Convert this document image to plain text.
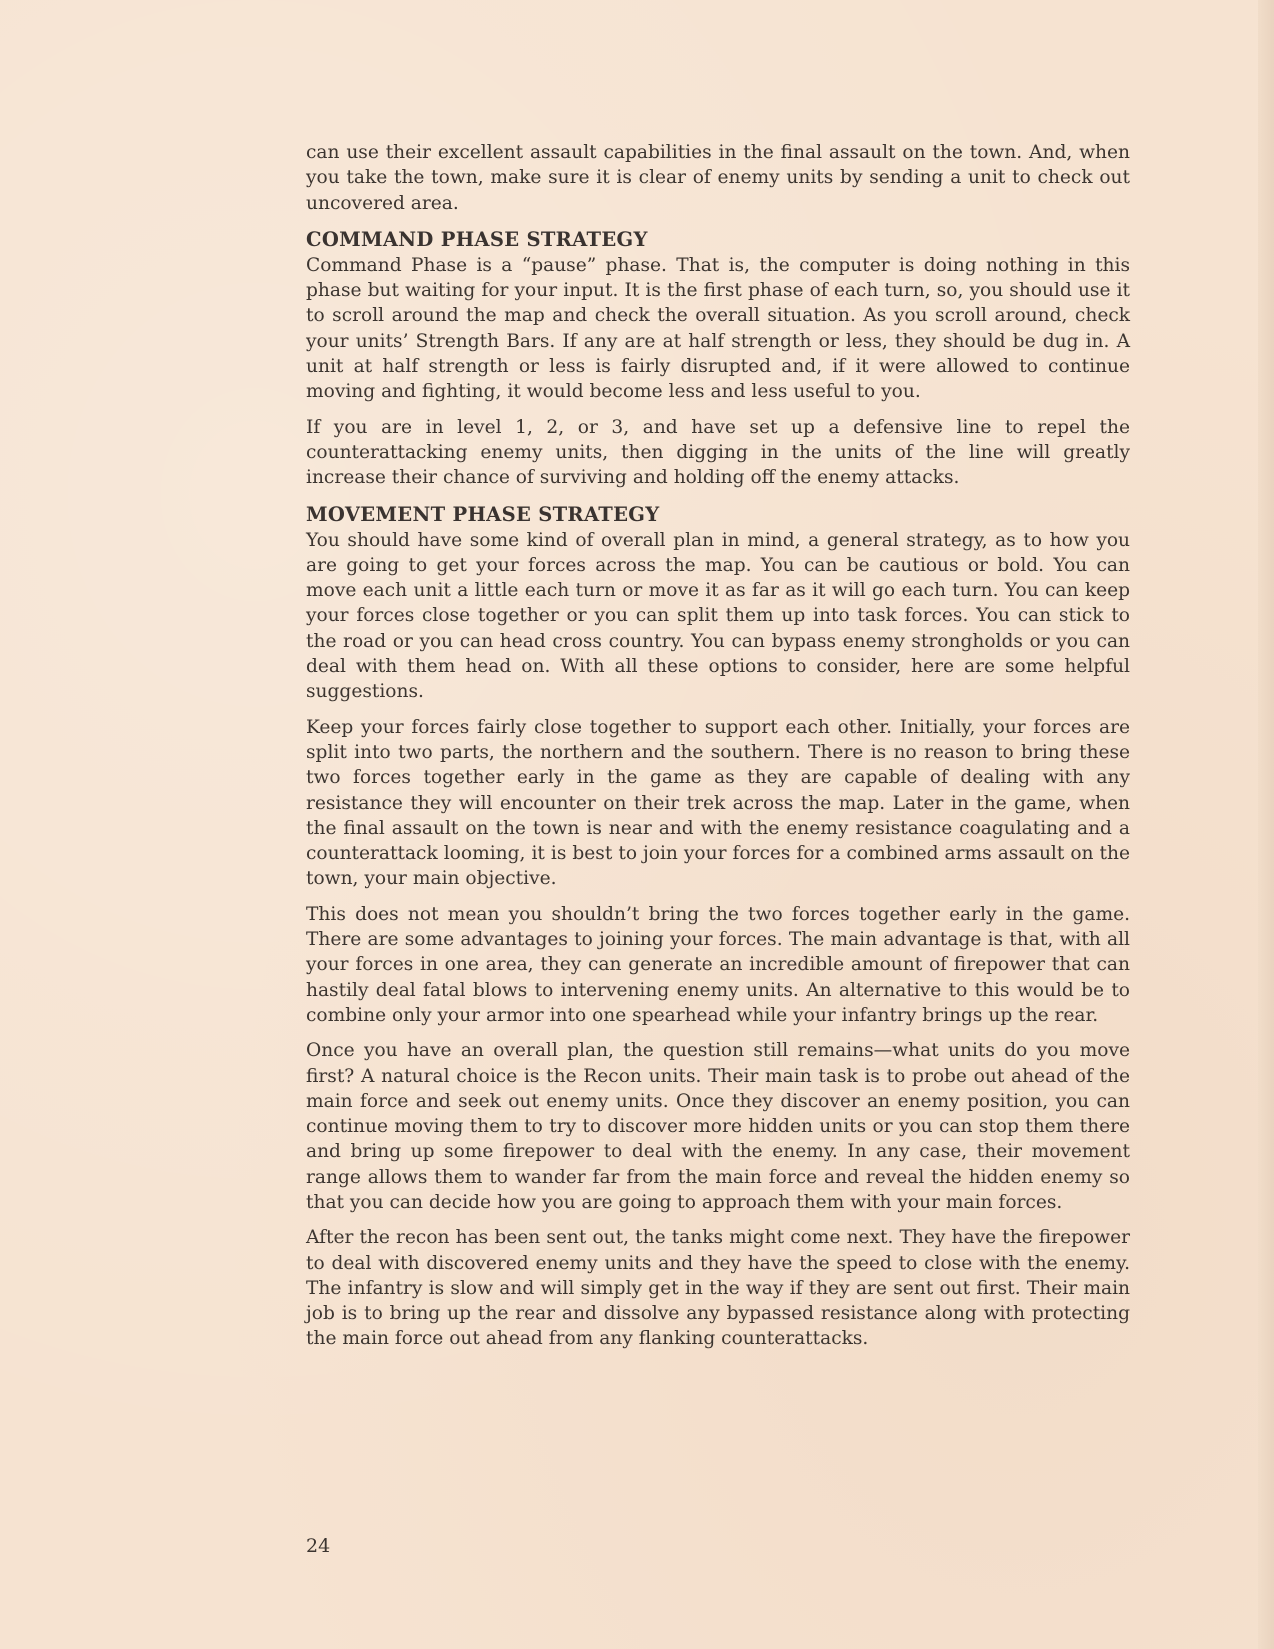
can use their excellent assault capabilities in the final assault on the town. And, when you take the town, make sure it is clear of enemy units by sending a unit to check out uncovered area.

COMMAND PHASE STRATEGY

Command Phase is a “pause” phase. That is, the computer is doing nothing in this phase but waiting for your input. It is the first phase of each turn, so, you should use it to scroll around the map and check the overall situation. As you scroll around, check your units’ Strength Bars. If any are at half strength or less, they should be dug in. A unit at half strength or less is fairly disrupted and, if it were allowed to continue moving and fighting, it would become less and less useful to you.

If you are in level 1, 2, or 3, and have set up a defensive line to repel the counterattacking enemy units, then digging in the units of the line will greatly increase their chance of surviving and holding off the enemy attacks.

MOVEMENT PHASE STRATEGY

You should have some kind of overall plan in mind, a general strategy, as to how you are going to get your forces across the map. You can be cautious or bold. You can move each unit a little each turn or move it as far as it will go each turn. You can keep your forces close together or you can split them up into task forces. You can stick to the road or you can head cross country. You can bypass enemy strongholds or you can deal with them head on. With all these options to consider, here are some helpful suggestions.

Keep your forces fairly close together to support each other. Initially, your forces are split into two parts, the northern and the southern. There is no reason to bring these two forces together early in the game as they are capable of dealing with any resistance they will encounter on their trek across the map. Later in the game, when the final assault on the town is near and with the enemy resistance coagulating and a counterattack looming, it is best to join your forces for a combined arms assault on the town, your main objective.

This does not mean you shouldn’t bring the two forces together early in the game. There are some advantages to joining your forces. The main advantage is that, with all your forces in one area, they can generate an incredible amount of firepower that can hastily deal fatal blows to intervening enemy units. An alternative to this would be to combine only your armor into one spearhead while your infantry brings up the rear.

Once you have an overall plan, the question still remains—what units do you move first? A natural choice is the Recon units. Their main task is to probe out ahead of the main force and seek out enemy units. Once they discover an enemy position, you can continue moving them to try to discover more hidden units or you can stop them there and bring up some firepower to deal with the enemy. In any case, their movement range allows them to wander far from the main force and reveal the hidden enemy so that you can decide how you are going to approach them with your main forces.

After the recon has been sent out, the tanks might come next. They have the firepower to deal with discovered enemy units and they have the speed to close with the enemy. The infantry is slow and will simply get in the way if they are sent out first. Their main job is to bring up the rear and dissolve any bypassed resistance along with protecting the main force out ahead from any flanking counterattacks.

24
